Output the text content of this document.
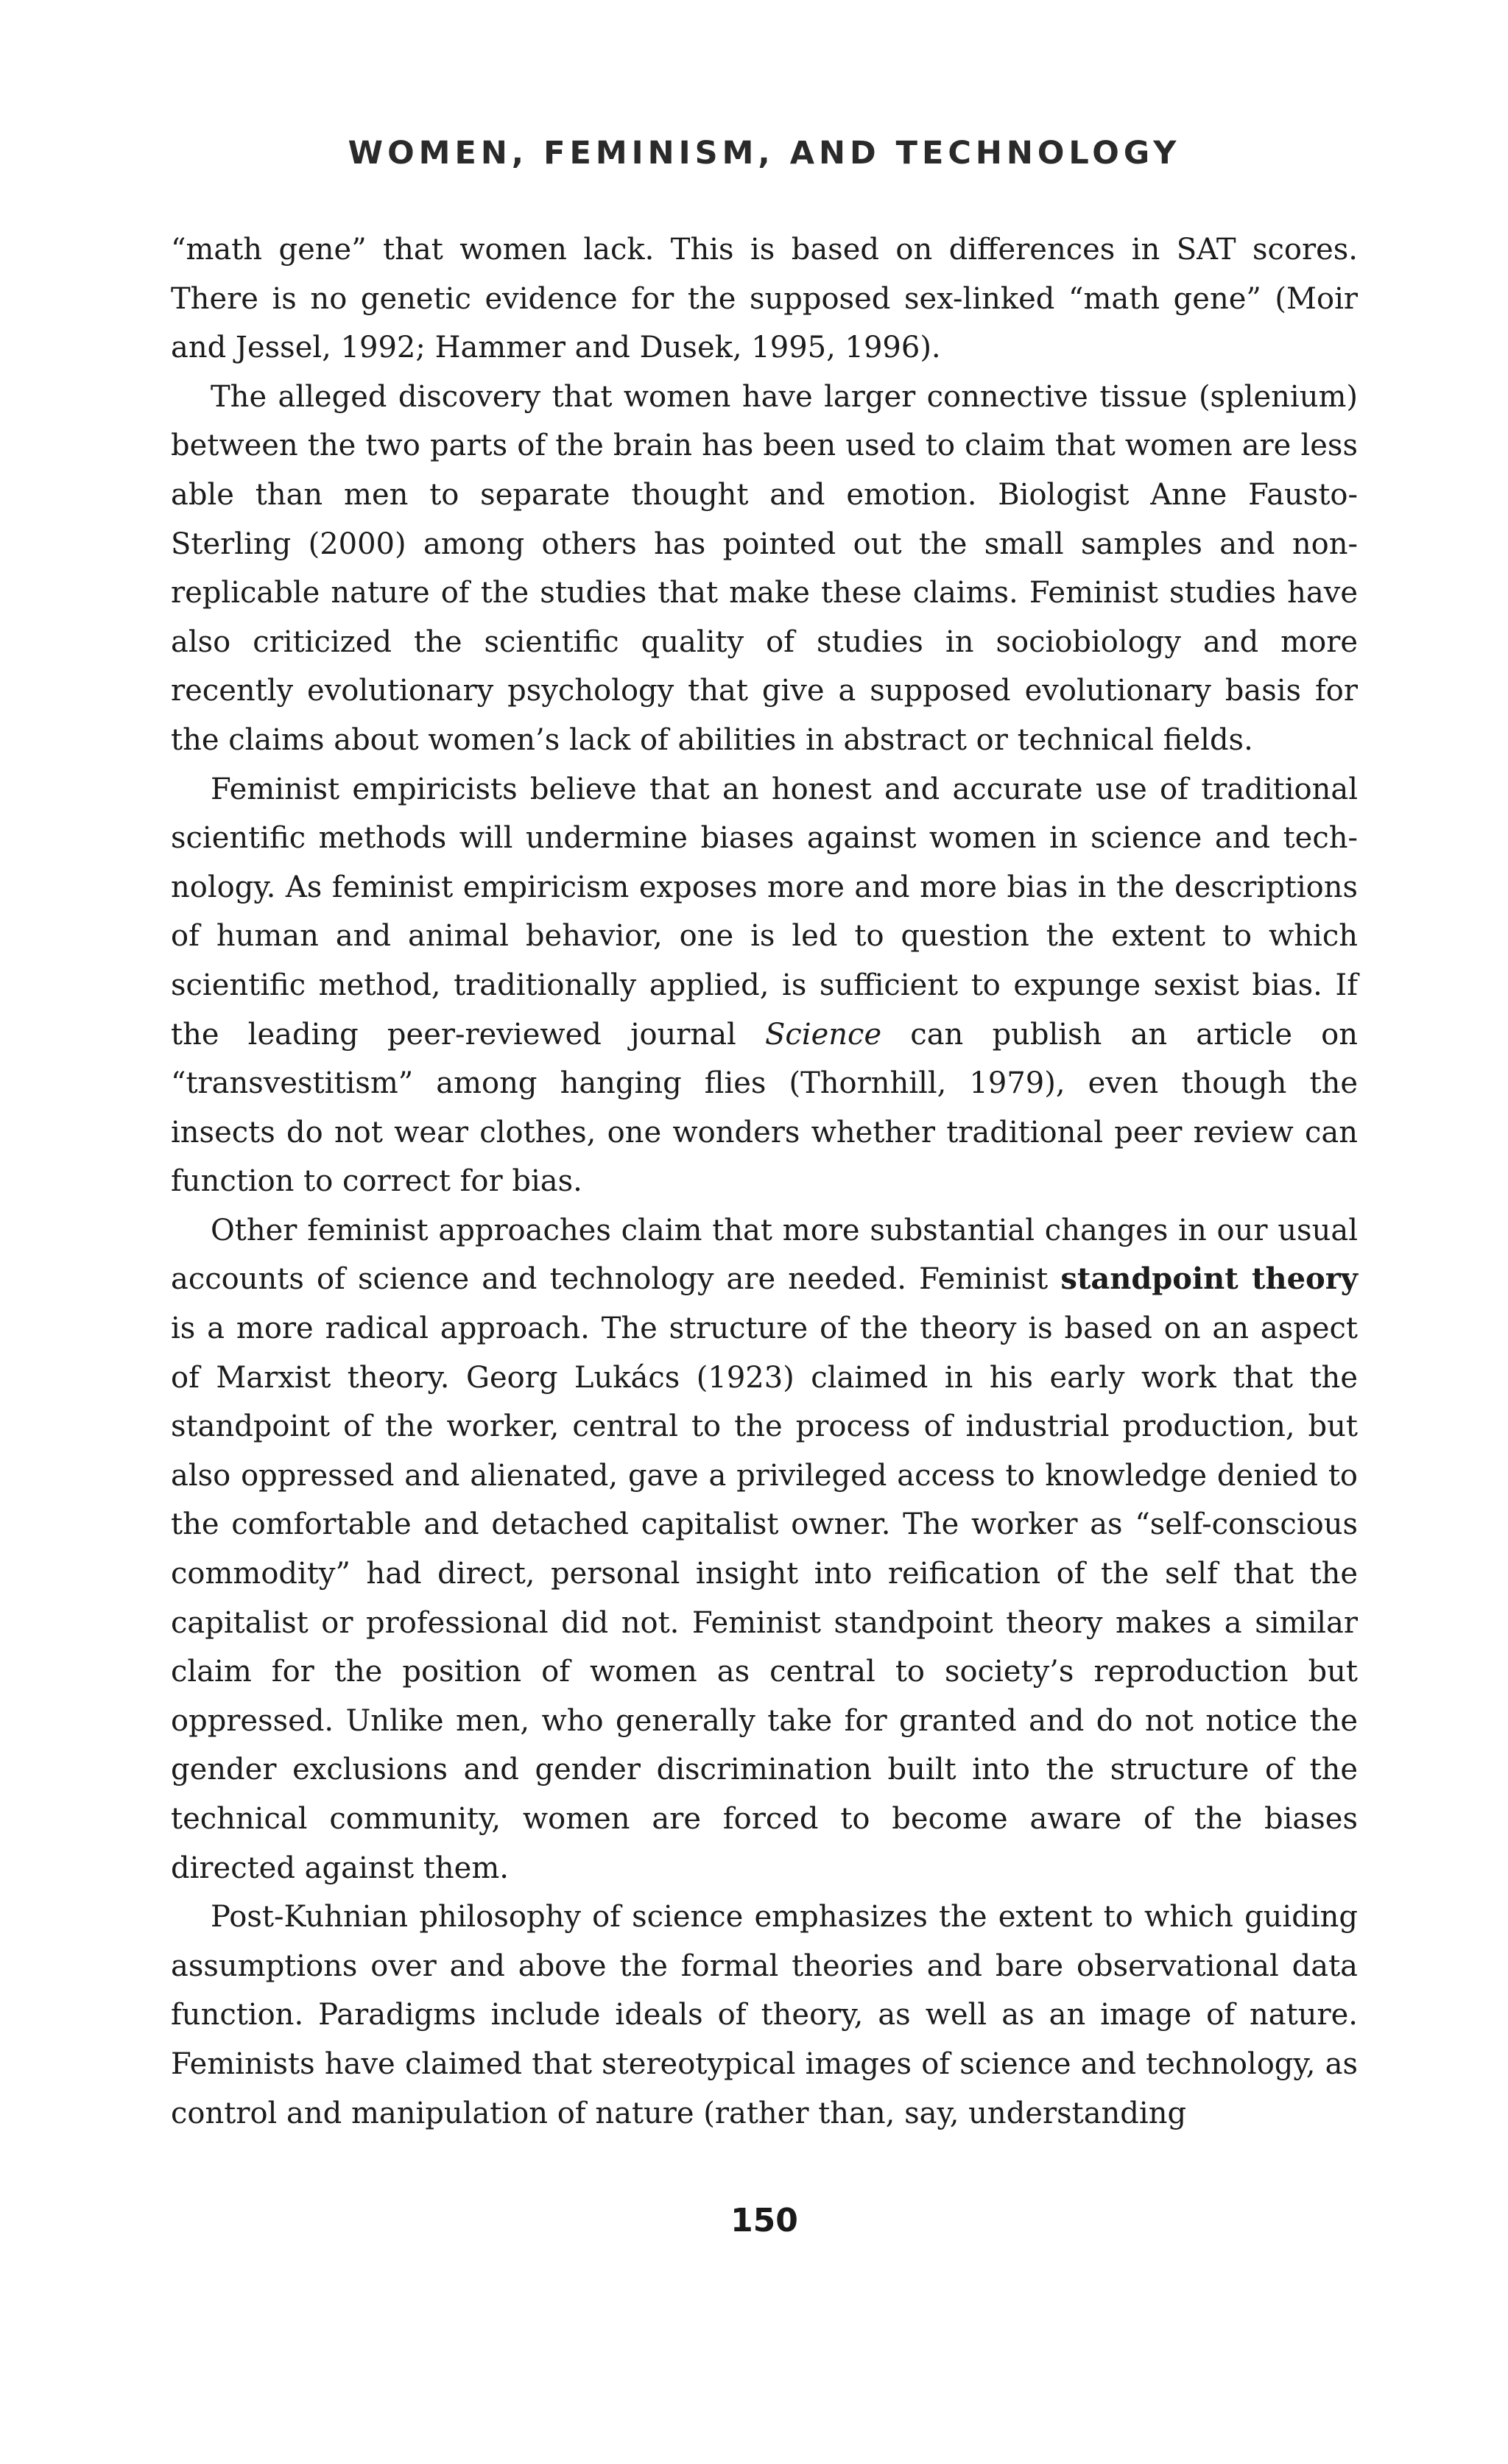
WOMEN, FEMINISM, AND TECHNOLOGY

“math gene” that women lack. This is based on differences in SAT scores. There is no genetic evidence for the supposed sex-linked “math gene” (Moir and Jessel, 1992; Hammer and Dusek, 1995, 1996).

The alleged discovery that women have larger connective tissue (splenium) between the two parts of the brain has been used to claim that women are less able than men to separate thought and emotion. Biologist Anne Fausto-Sterling (2000) among others has pointed out the small samples and non-replicable nature of the studies that make these claims. Feminist studies have also criticized the scientific quality of studies in sociobiology and more recently evolutionary psychology that give a supposed evolutionary basis for the claims about women’s lack of abilities in abstract or technical fields.

Feminist empiricists believe that an honest and accurate use of traditional scientific methods will undermine biases against women in science and technology. As feminist empiricism exposes more and more bias in the descriptions of human and animal behavior, one is led to question the extent to which scientific method, traditionally applied, is sufficient to expunge sexist bias. If the leading peer-reviewed journal Science can publish an article on “transvestitism” among hanging flies (Thornhill, 1979), even though the insects do not wear clothes, one wonders whether traditional peer review can function to correct for bias.

Other feminist approaches claim that more substantial changes in our usual accounts of science and technology are needed. Feminist standpoint theory is a more radical approach. The structure of the theory is based on an aspect of Marxist theory. Georg Lukács (1923) claimed in his early work that the standpoint of the worker, central to the process of industrial production, but also oppressed and alienated, gave a privileged access to knowledge denied to the comfortable and detached capitalist owner. The worker as “self-conscious commodity” had direct, personal insight into reification of the self that the capitalist or professional did not. Feminist standpoint theory makes a similar claim for the position of women as central to society’s reproduction but oppressed. Unlike men, who generally take for granted and do not notice the gender exclusions and gender discrimination built into the structure of the technical community, women are forced to become aware of the biases directed against them.

Post-Kuhnian philosophy of science emphasizes the extent to which guiding assumptions over and above the formal theories and bare observational data function. Paradigms include ideals of theory, as well as an image of nature. Feminists have claimed that stereotypical images of science and technology, as control and manipulation of nature (rather than, say, understanding

150
